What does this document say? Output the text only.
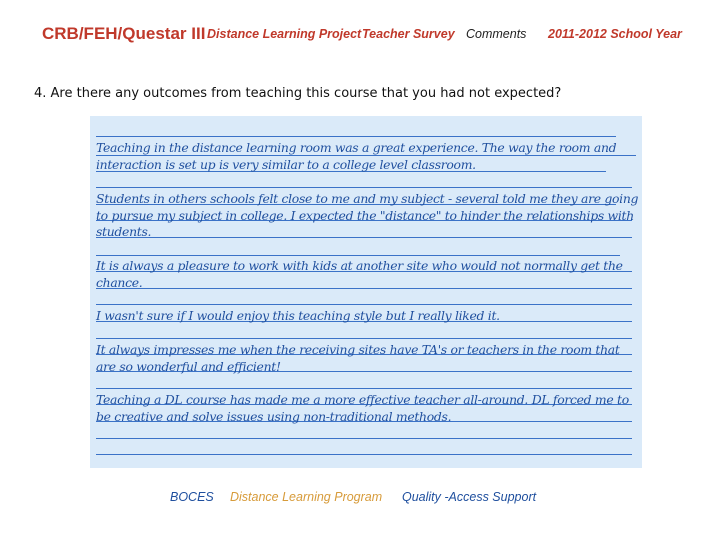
CRB/FEH/Questar III Distance Learning Project Teacher Survey Comments 2011-2012 School Year
4. Are there any outcomes from teaching this course that you had not expected?
Teaching in the distance learning room was a great experience. The way the room and interaction is set up is very similar to a college level classroom.
Students in others schools felt close to me and my subject - several told me they are going to pursue my subject in college. I expected the "distance" to hinder the relationships with students.
It is always a pleasure to work with kids at another site who would not normally get the chance.
I wasn't sure if I would enjoy this teaching style but I really liked it.
It always impresses me when the receiving sites have TA's or teachers in the room that are so wonderful and efficient!
Teaching a DL course has made me a more effective teacher all-around. DL forced me to be creative and solve issues using non-traditional methods.
BOCES Distance Learning Program Quality -Access Support
